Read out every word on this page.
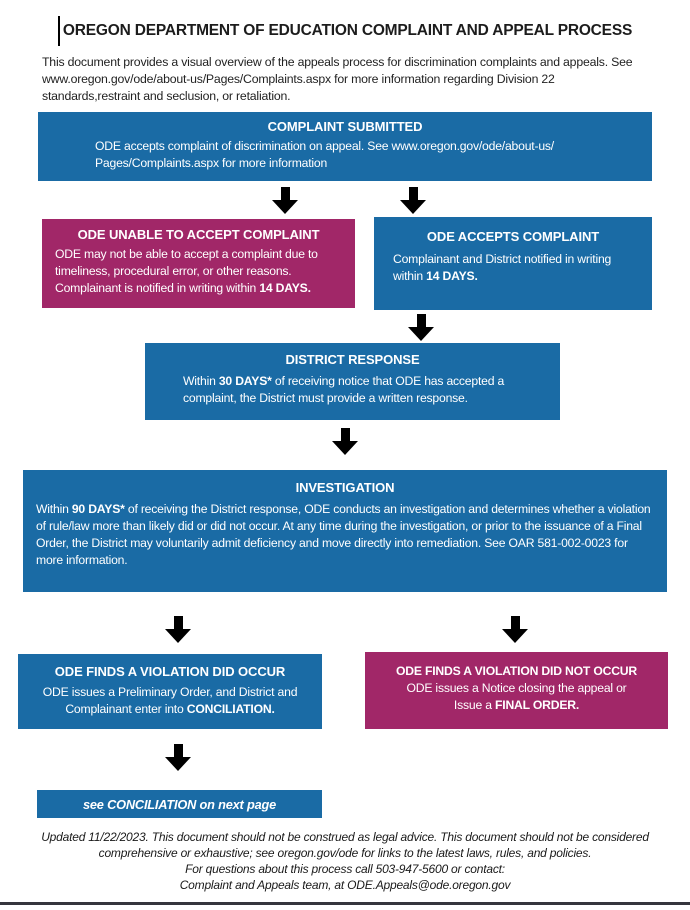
OREGON DEPARTMENT OF EDUCATION COMPLAINT AND APPEAL PROCESS

This document provides a visual overview of the appeals process for discrimination complaints and appeals. See www.oregon.gov/ode/about-us/Pages/Complaints.aspx for more information regarding Division 22 standards,restraint and seclusion, or retaliation.

COMPLAINT SUBMITTED
ODE accepts complaint of discrimination on appeal. See www.oregon.gov/ode/about-us/
Pages/Complaints.aspx for more information
ODE UNABLE TO ACCEPT COMPLAINT

ODE may not be able to accept a complaint due to timeliness, procedural error, or other reasons. Complainant is notified in writing within 14 DAYS.

ODE ACCEPTS COMPLAINT

Complainant and District notified in writing within 14 DAYS.

DISTRICT RESPONSE

Within 30 DAYS* of receiving notice that ODE has accepted a complaint, the District must provide a written response.

INVESTIGATION

Within 90 DAYS* of receiving the District response, ODE conducts an investigation and determines whether a violation of rule/law more than likely did or did not occur. At any time during the investigation, or prior to the issuance of a Final Order, the District may voluntarily admit deficiency and move directly into remediation. See OAR 581-002-0023 for more information.

ODE FINDS A VIOLATION DID OCCUR

ODE issues a Preliminary Order, and District and Complainant enter into CONCILIATION.

ODE FINDS A VIOLATION DID NOT OCCUR ODE issues a Notice closing the appeal or Issue a FINAL ORDER.

see CONCILIATION on next page
Updated 11/22/2023. This document should not be construed as legal advice. This document should not be considered comprehensive or exhaustive; see oregon.gov/ode for links to the latest laws, rules, and policies.
For questions about this process call 503-947-5600 or contact:
Complaint and Appeals team, at ODE.Appeals@ode.oregon.gov
